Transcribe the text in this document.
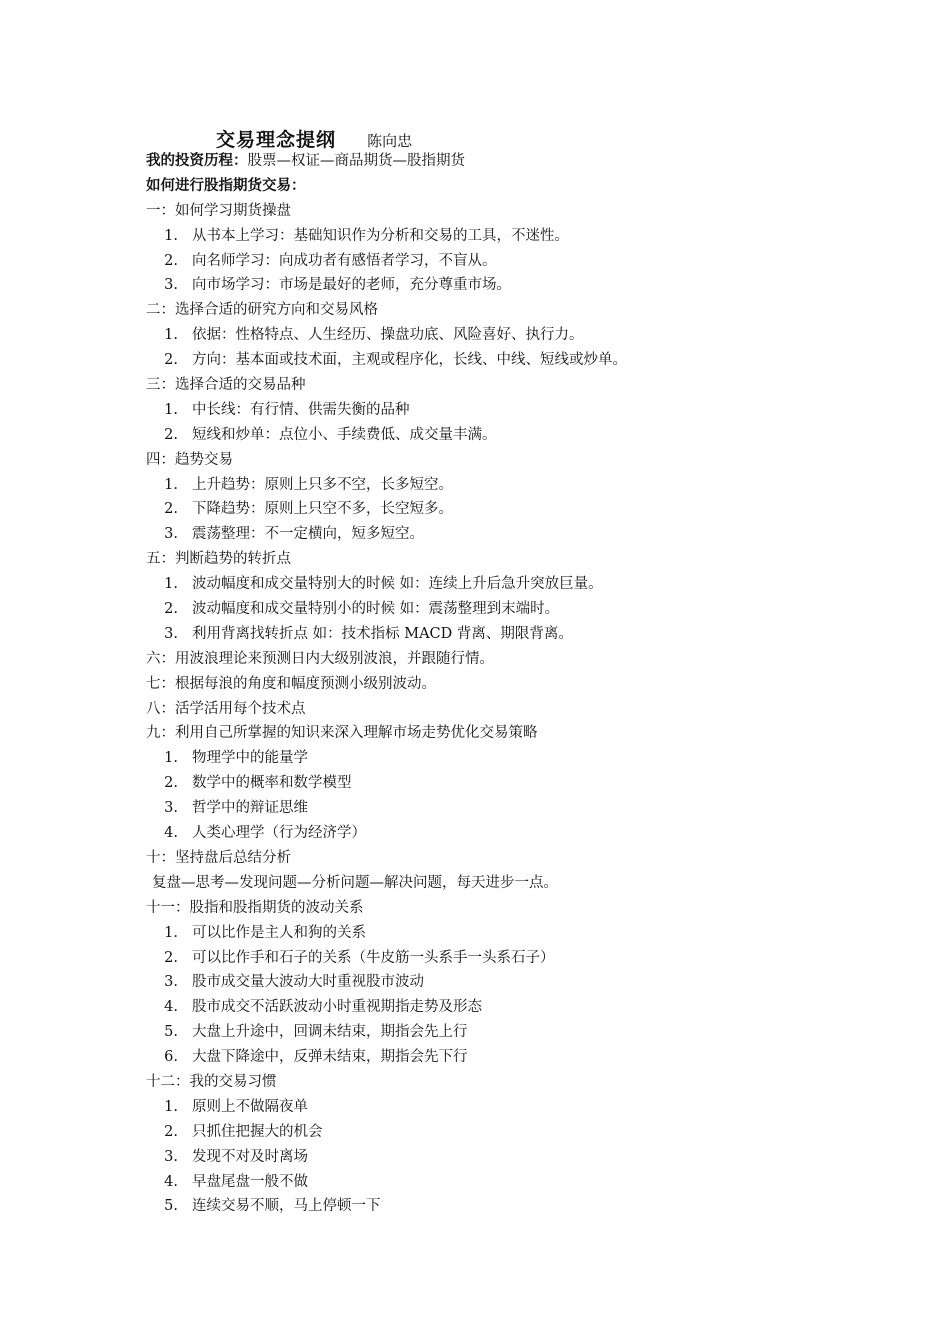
交易理念提纲 陈向忠
我的投资历程：股票—权证—商品期货—股指期货
如何进行股指期货交易：
一：如何学习期货操盘
1. 从书本上学习：基础知识作为分析和交易的工具，不迷性。
2. 向名师学习：向成功者有感悟者学习，不盲从。
3. 向市场学习：市场是最好的老师，充分尊重市场。
二：选择合适的研究方向和交易风格
1. 依据：性格特点、人生经历、操盘功底、风险喜好、执行力。
2. 方向：基本面或技术面，主观或程序化，长线、中线、短线或炒单。
三：选择合适的交易品种
1. 中长线：有行情、供需失衡的品种
2. 短线和炒单：点位小、手续费低、成交量丰满。
四：趋势交易
1. 上升趋势：原则上只多不空，长多短空。
2. 下降趋势：原则上只空不多，长空短多。
3. 震荡整理：不一定横向，短多短空。
五：判断趋势的转折点
1. 波动幅度和成交量特别大的时候 如：连续上升后急升突放巨量。
2. 波动幅度和成交量特别小的时候 如：震荡整理到末端时。
3. 利用背离找转折点 如：技术指标 MACD 背离、期限背离。
六：用波浪理论来预测日内大级别波浪，并跟随行情。
七：根据每浪的角度和幅度预测小级别波动。
八：活学活用每个技术点
九：利用自己所掌握的知识来深入理解市场走势优化交易策略
1. 物理学中的能量学
2. 数学中的概率和数学模型
3. 哲学中的辩证思维
4. 人类心理学（行为经济学）
十：坚持盘后总结分析
复盘—思考—发现问题—分析问题—解决问题，每天进步一点。
十一：股指和股指期货的波动关系
1. 可以比作是主人和狗的关系
2. 可以比作手和石子的关系（牛皮筋一头系手一头系石子）
3. 股市成交量大波动大时重视股市波动
4. 股市成交不活跃波动小时重视期指走势及形态
5. 大盘上升途中，回调未结束，期指会先上行
6. 大盘下降途中，反弹未结束，期指会先下行
十二：我的交易习惯
1. 原则上不做隔夜单
2. 只抓住把握大的机会
3. 发现不对及时离场
4. 早盘尾盘一般不做
5. 连续交易不顺，马上停顿一下
